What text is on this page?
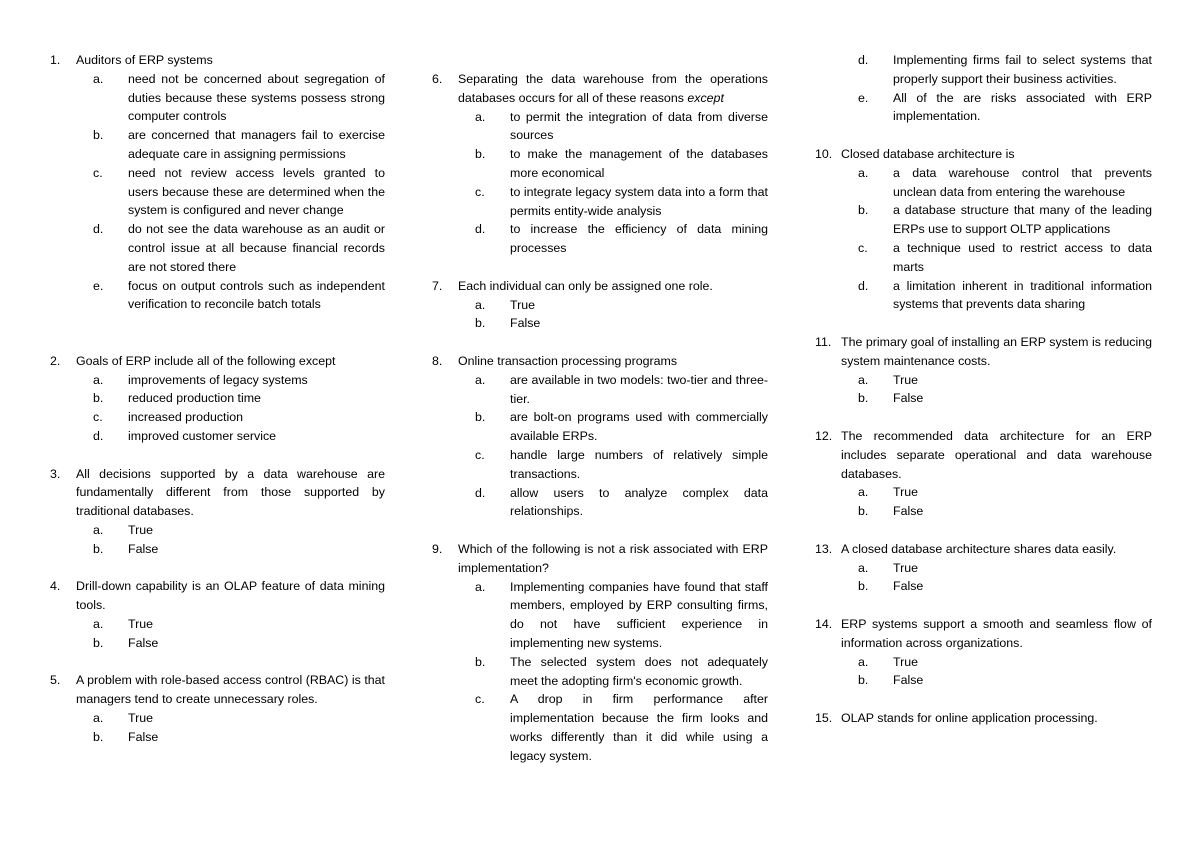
1. Auditors of ERP systems
a.	need not be concerned about segregation of duties because these systems possess strong computer controls
b.	are concerned that managers fail to exercise adequate care in assigning permissions
c.	need not review access levels granted to users because these are determined when the system is configured and never change
d.	do not see the data warehouse as an audit or control issue at all because financial records are not stored there
e.	focus on output controls such as independent verification to reconcile batch totals
2. Goals of ERP include all of the following except
a.	improvements of legacy systems
b.	reduced production time
c.	increased production
d.	improved customer service
3. All decisions supported by a data warehouse are fundamentally different from those supported by traditional databases.
a.	True
b.	False
4. Drill-down capability is an OLAP feature of data mining tools.
a.	True
b.	False
5. A problem with role-based access control (RBAC) is that managers tend to create unnecessary roles.
a.	True
b.	False
6. Separating the data warehouse from the operations databases occurs for all of these reasons except
a.	to permit the integration of data from diverse sources
b.	to make the management of the databases more economical
c.	to integrate legacy system data into a form that permits entity-wide analysis
d.	to increase the efficiency of data mining processes
7. Each individual can only be assigned one role.
a.	True
b.	False
8. Online transaction processing programs
a.	are available in two models: two-tier and three-tier.
b.	are bolt-on programs used with commercially available ERPs.
c.	handle large numbers of relatively simple transactions.
d.	allow users to analyze complex data relationships.
9. Which of the following is not a risk associated with ERP implementation?
a.	Implementing companies have found that staff members, employed by ERP consulting firms, do not have sufficient experience in implementing new systems.
b.	The selected system does not adequately meet the adopting firm's economic growth.
c.	A drop in firm performance after implementation because the firm looks and works differently than it did while using a legacy system.
d.	Implementing firms fail to select systems that properly support their business activities.
e.	All of the are risks associated with ERP implementation.
10. Closed database architecture is
a.	a data warehouse control that prevents unclean data from entering the warehouse
b.	a database structure that many of the leading ERPs use to support OLTP applications
c.	a technique used to restrict access to data marts
d.	a limitation inherent in traditional information systems that prevents data sharing
11. The primary goal of installing an ERP system is reducing system maintenance costs.
a.	True
b.	False
12. The recommended data architecture for an ERP includes separate operational and data warehouse databases.
a.	True
b.	False
13. A closed database architecture shares data easily.
a.	True
b.	False
14. ERP systems support a smooth and seamless flow of information across organizations.
a.	True
b.	False
15. OLAP stands for online application processing.
